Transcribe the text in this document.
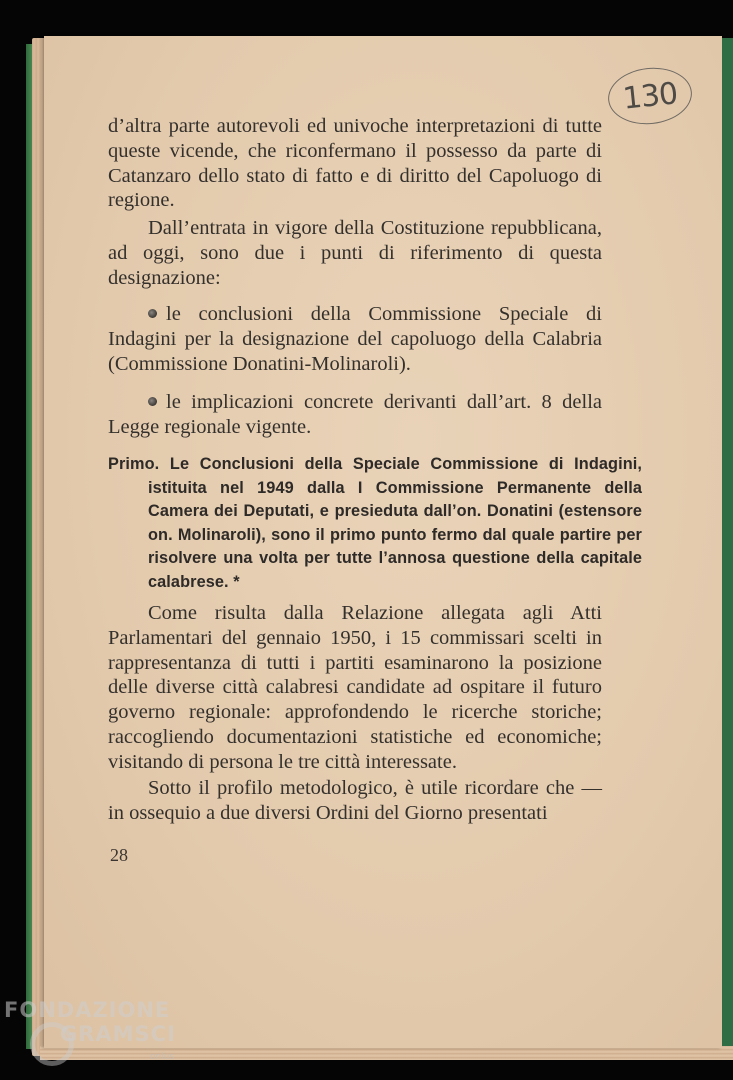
130
d’altra parte autorevoli ed univoche interpretazioni di tutte queste vicende, che riconfermano il possesso da parte di Catanzaro dello stato di fatto e di diritto del Capoluogo di regione.
Dall’entrata in vigore della Costituzione repubblicana, ad oggi, sono due i punti di riferimento di questa designazione:
le conclusioni della Commissione Speciale di Indagini per la designazione del capoluogo della Calabria (Commissione Donatini-Molinaroli).
le implicazioni concrete derivanti dall’art. 8 della Legge regionale vigente.
Primo. Le Conclusioni della Speciale Commissione di Indagini, istituita nel 1949 dalla I Commissione Permanente della Camera dei Deputati, e presieduta dall’on. Donatini (estensore on. Molinaroli), sono il primo punto fermo dal quale partire per risolvere una volta per tutte l’annosa questione della capitale calabrese. *
Come risulta dalla Relazione allegata agli Atti Parlamentari del gennaio 1950, i 15 commissari scelti in rappresentanza di tutti i partiti esaminarono la posizione delle diverse città calabresi candidate ad ospitare il futuro governo regionale: approfondendo le ricerche storiche; raccogliendo documentazioni statistiche ed economiche; visitando di persona le tre città interessate.
Sotto il profilo metodologico, è utile ricordare che — in ossequio a due diversi Ordini del Giorno presentati
28
FONDAZIONE
GRAMSCI
onlus
